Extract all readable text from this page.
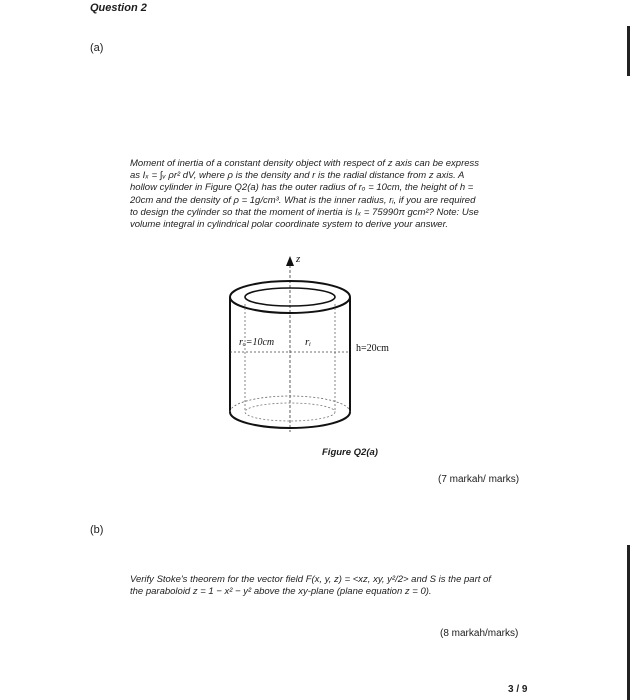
Question 2
(a)
Moment of inertia of a constant density object with respect of z axis can be express
as Iₓ = ∫ᵥ ρr² dV, where ρ is the density and r is the radial distance from z axis. A
hollow cylinder in Figure Q2(a) has the outer radius of rₒ = 10cm, the height of h =
20cm and the density of ρ = 1g/cm³. What is the inner radius, rᵢ, if you are required
to design the cylinder so that the moment of inertia is Iₓ = 75990π gcm²? Note: Use
volume integral in cylindrical polar coordinate system to derive your answer.
z
rₒ=10cm	rᵢ
h=20cm
Figure Q2(a)
(7 markah/ marks)
(b)
Verify Stoke's theorem for the vector field F(x, y, z) = <xz, xy, y²/2> and S is the part of
the paraboloid z = 1 − x² − y² above the xy-plane (plane equation z = 0).
(8 markah/marks)
3 / 9
